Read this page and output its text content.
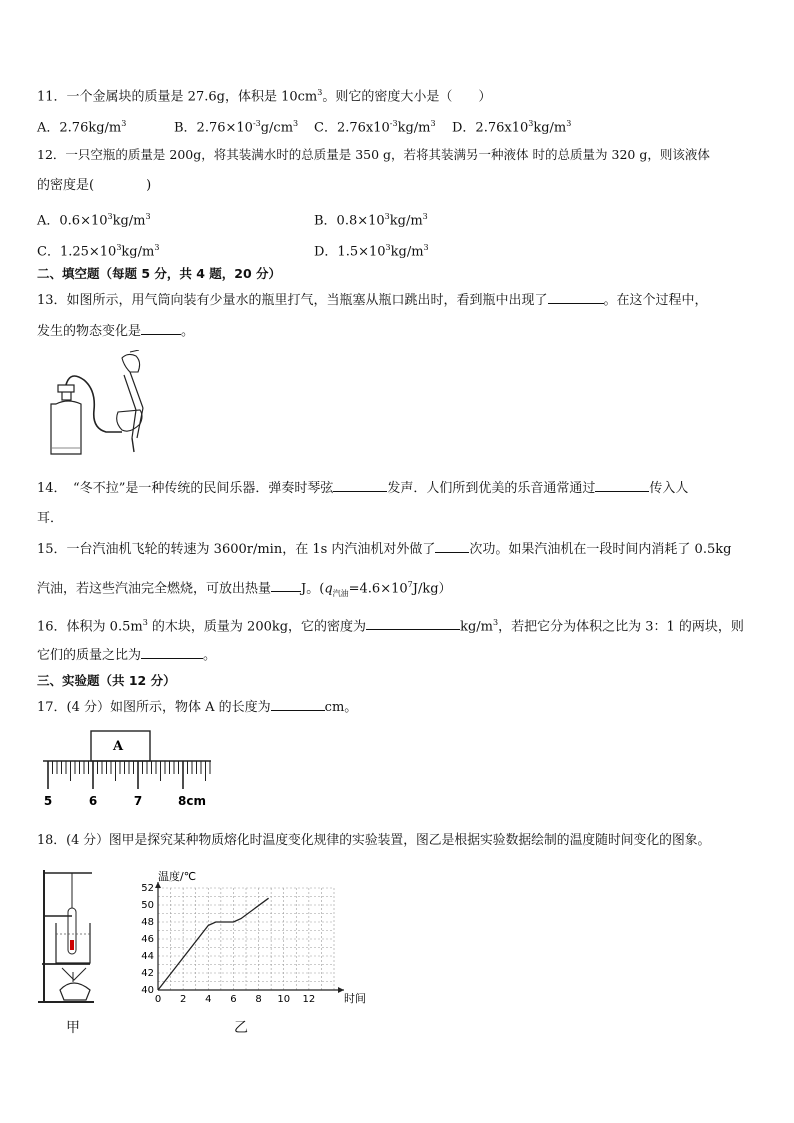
11．一个金属块的质量是 27.6g，体积是 $10cm^3$。则它的密度大小是（　　）
A．$2.76kg/m^3$	B．$2.76\times 10^{-3}g/cm^3$ C．$2.76x10^{-3}kg/m^3$ D．$2.76x10^3kg/m^3$
12．一只空瓶的质量是 200g，将其装满水时的总质量是 350 g，若将其装满另一种液体 时的总质量为 320 g，则该液体
的密度是(　　　　)
A．$0.6\times 10^3kg/m^3$	B．$0.8\times 10^3kg/m^3$
C．$1.25\times 10^3kg/m^3$	D．$1.5\times 10^3kg/m^3$
二、填空题（每题 5 分，共 4 题，20 分）
13．如图所示，用气筒向装有少量水的瓶里打气，当瓶塞从瓶口跳出时，看到瓶中出现了	。在这个过程中，
发生的物态变化是	。
14．　“冬不拉”是一种传统的民间乐器．弹奏时琴弦	发声．人们所到优美的乐音通常通过	传入人
耳．
15．一台汽油机飞轮的转速为 3600r/min，在 1s 内汽油机对外做了	次功。如果汽油机在一段时间内消耗了 0.5kg
汽油，若这些汽油完全燃烧，可放出热量 J。$(q_{汽油}=4.6\times 10^7J/kg)$
16．体积为 $0.5m^3$ 的木块，质量为 200kg，它的密度为	$kg/m^3$，若把它分为体积之比为 3：1 的两块，则
它们的质量之比为	。
三、实验题（共 12 分）
17．(4 分）如图所示，物体 A 的长度为	cm。
A
5	6	7	8cm
18．(4 分）图甲是探究某种物质熔化时温度变化规律的实验装置，图乙是根据实验数据绘制的温度随时间变化的图象。
甲
0 2 4 6 8 10 12
40
42
44
46
48
50
52
温度/℃
时间
乙
